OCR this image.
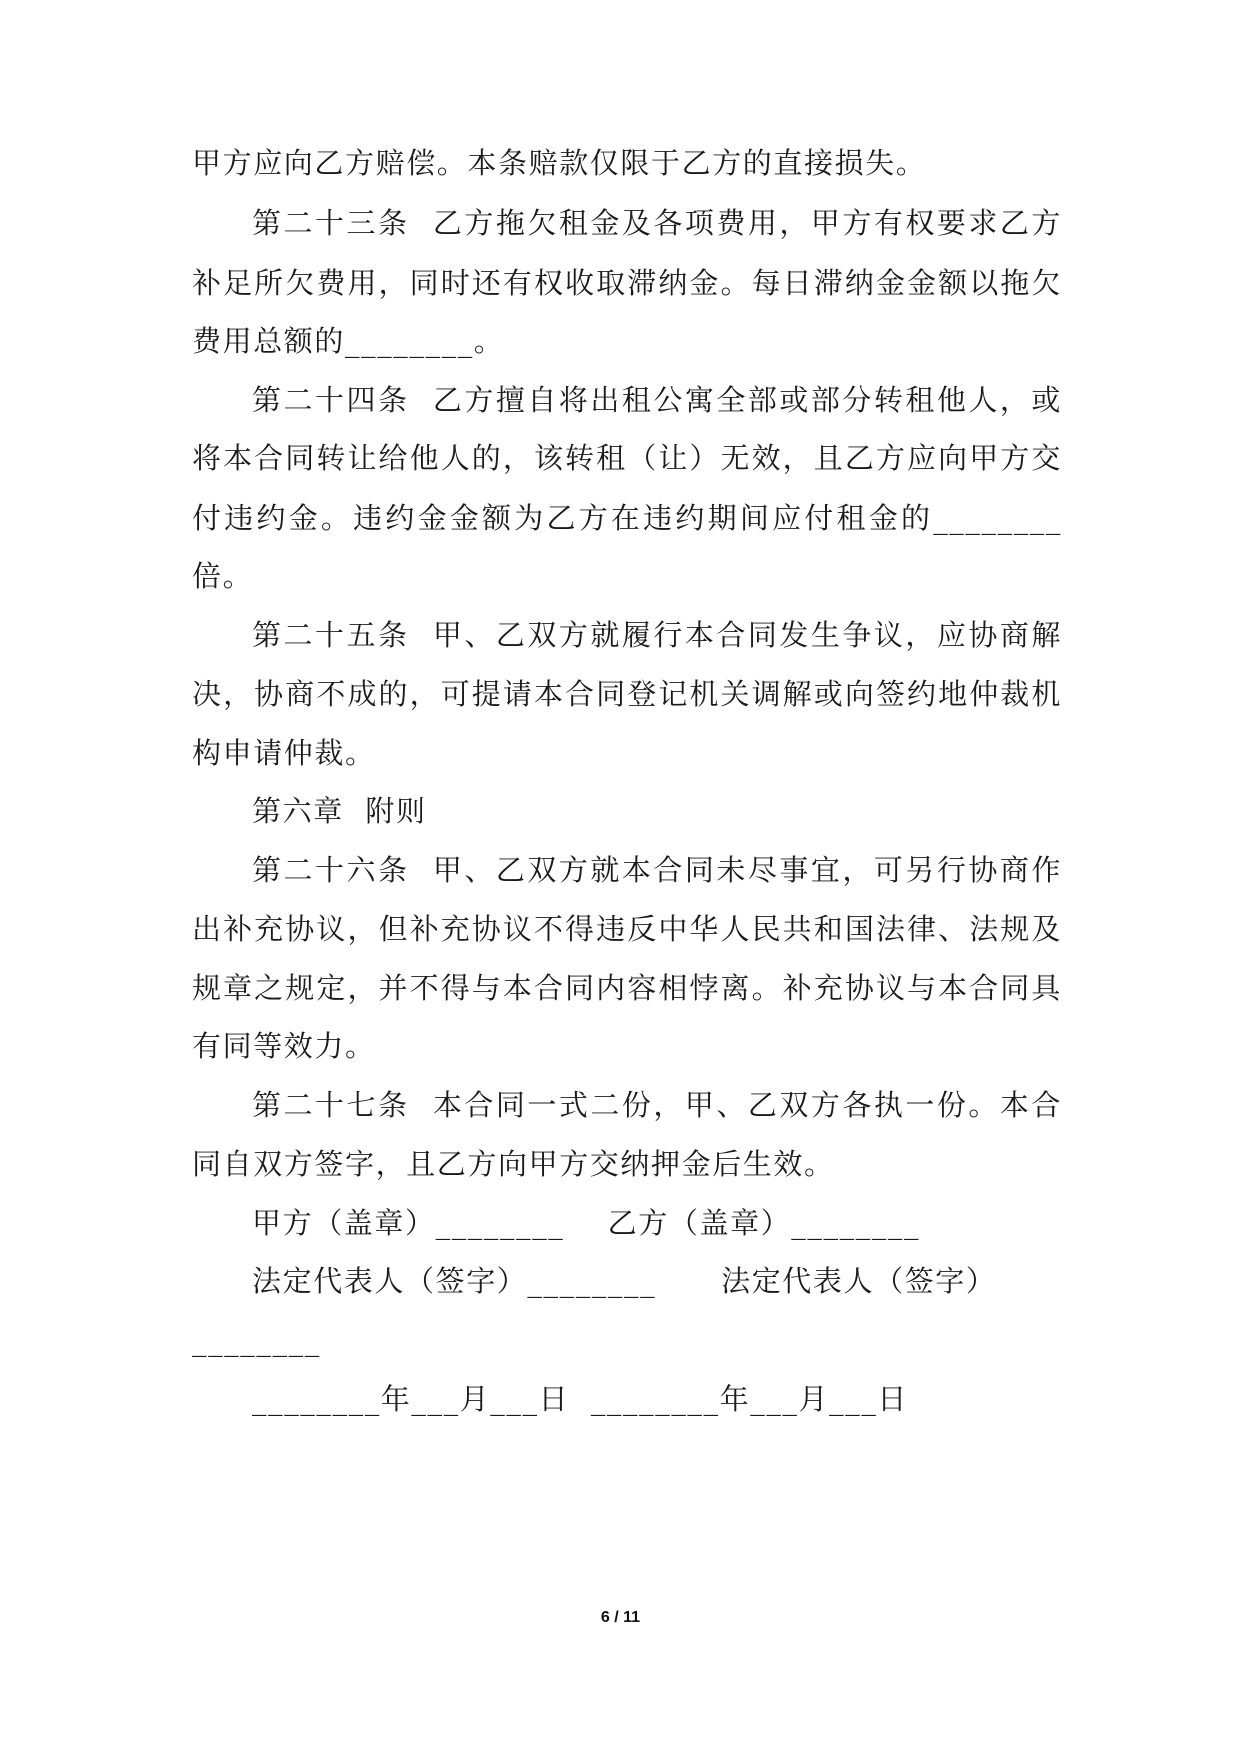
甲方应向乙方赔偿。本条赔款仅限于乙方的直接损失。
第二十三条  乙方拖欠租金及各项费用，甲方有权要求乙方
补足所欠费用，同时还有权收取滞纳金。每日滞纳金金额以拖欠
费用总额的________。
第二十四条  乙方擅自将出租公寓全部或部分转租他人，或
将本合同转让给他人的，该转租（让）无效，且乙方应向甲方交
付违约金。违约金金额为乙方在违约期间应付租金的________
倍。
第二十五条  甲、乙双方就履行本合同发生争议，应协商解
决，协商不成的，可提请本合同登记机关调解或向签约地仲裁机
构申请仲裁。
第六章  附则
第二十六条  甲、乙双方就本合同未尽事宜，可另行协商作
出补充协议，但补充协议不得违反中华人民共和国法律、法规及
规章之规定，并不得与本合同内容相悖离。补充协议与本合同具
有同等效力。
第二十七条  本合同一式二份，甲、乙双方各执一份。本合
同自双方签字，且乙方向甲方交纳押金后生效。
甲方（盖章）________    乙方（盖章）________
法定代表人（签字）________      法定代表人（签字）
________
________年___月___日  ________年___月___日
6 / 11
